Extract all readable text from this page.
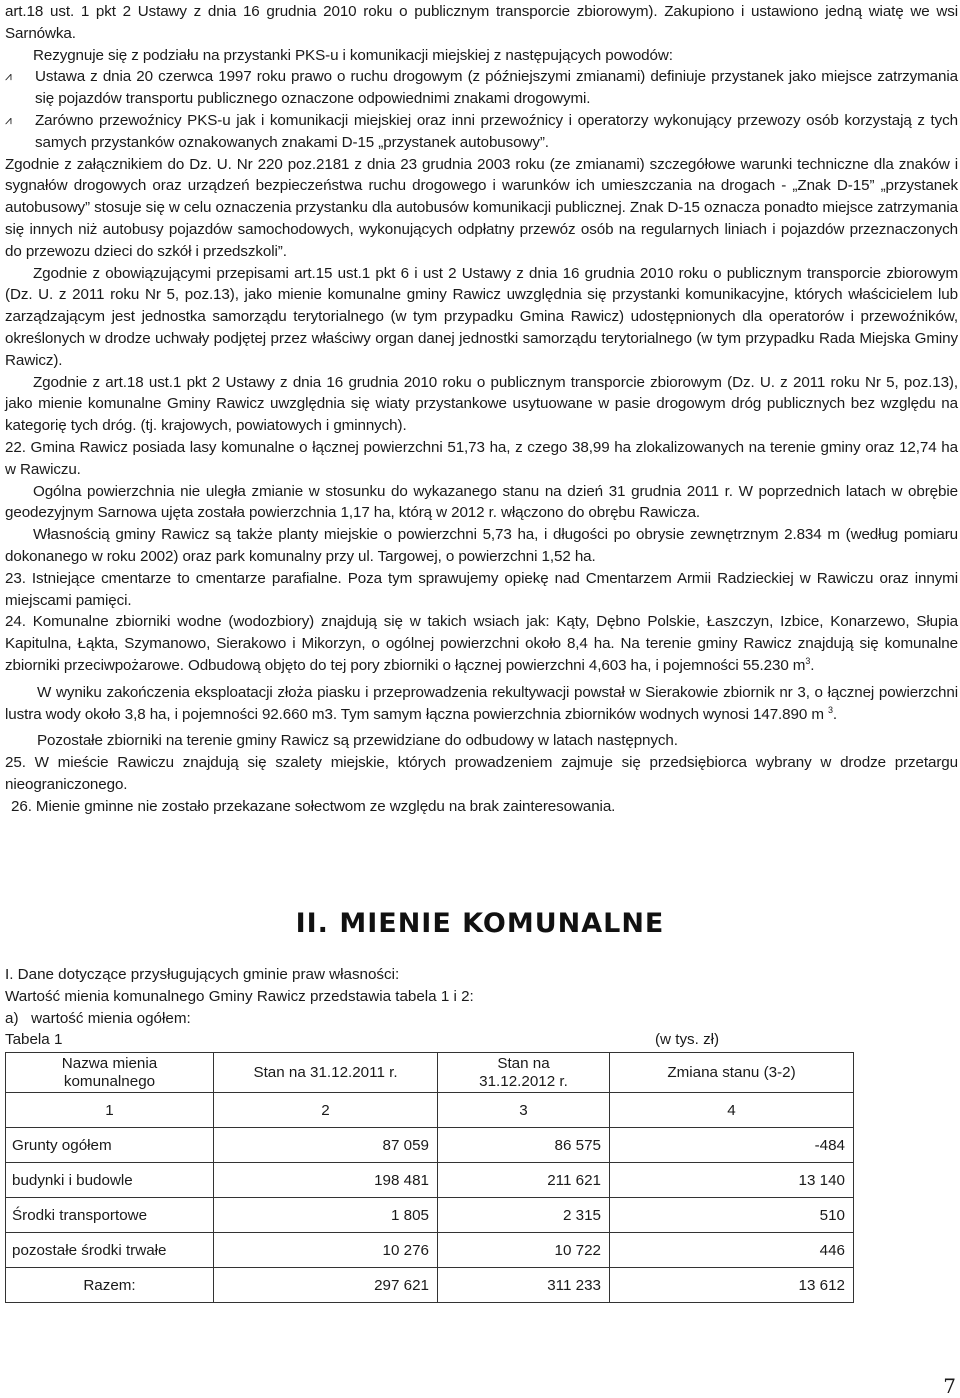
art.18 ust. 1 pkt 2 Ustawy z dnia 16 grudnia 2010 roku o publicznym transporcie zbiorowym). Zakupiono i ustawiono jedną wiatę we wsi Sarnówka.

Rezygnuje się z podziału na przystanki PKS-u i komunikacji miejskiej z następujących powodów:

⩘ Ustawa z dnia 20 czerwca 1997 roku prawo o ruchu drogowym (z późniejszymi zmianami) definiuje przystanek jako miejsce zatrzymania się pojazdów transportu publicznego oznaczone odpowiednimi znakami drogowymi.

⩘ Zarówno przewoźnicy PKS-u jak i komunikacji miejskiej oraz inni przewoźnicy i operatorzy wykonujący przewozy osób korzystają z tych samych przystanków oznakowanych znakami D-15 „przystanek autobusowy”.

Zgodnie z załącznikiem do Dz. U. Nr 220 poz.2181 z dnia 23 grudnia 2003 roku (ze zmianami) szczegółowe warunki techniczne dla znaków i sygnałów drogowych oraz urządzeń bezpieczeństwa ruchu drogowego i warunków ich umieszczania na drogach - „Znak D-15” „przystanek autobusowy” stosuje się w celu oznaczenia przystanku dla autobusów komunikacji publicznej. Znak D-15 oznacza ponadto miejsce zatrzymania się innych niż autobusy pojazdów samochodowych, wykonujących odpłatny przewóz osób na regularnych liniach i pojazdów przeznaczonych do przewozu dzieci do szkół i przedszkoli”.

Zgodnie z obowiązującymi przepisami art.15 ust.1 pkt 6 i ust 2 Ustawy z dnia 16 grudnia 2010 roku o publicznym transporcie zbiorowym (Dz. U. z 2011 roku Nr 5, poz.13), jako mienie komunalne gminy Rawicz uwzględnia się przystanki komunikacyjne, których właścicielem lub zarządzającym jest jednostka samorządu terytorialnego (w tym przypadku Gmina Rawicz) udostępnionych dla operatorów i przewoźników, określonych w drodze uchwały podjętej przez właściwy organ danej jednostki samorządu terytorialnego (w tym przypadku Rada Miejska Gminy Rawicz).

Zgodnie z art.18 ust.1 pkt 2 Ustawy z dnia 16 grudnia 2010 roku o publicznym transporcie zbiorowym (Dz. U. z 2011 roku Nr 5, poz.13), jako mienie komunalne Gminy Rawicz uwzględnia się wiaty przystankowe usytuowane w pasie drogowym dróg publicznych bez względu na kategorię tych dróg. (tj. krajowych, powiatowych i gminnych).

22. Gmina Rawicz posiada lasy komunalne o łącznej powierzchni 51,73 ha, z czego 38,99 ha zlokalizowanych na terenie gminy oraz 12,74 ha w Rawiczu.

Ogólna powierzchnia nie uległa zmianie w stosunku do wykazanego stanu na dzień 31 grudnia 2011 r. W poprzednich latach w obrębie geodezyjnym Sarnowa ujęta została powierzchnia 1,17 ha, którą w 2012 r. włączono do obrębu Rawicza.

Własnością gminy Rawicz są także planty miejskie o powierzchni 5,73 ha, i długości po obrysie zewnętrznym 2.834 m (według pomiaru dokonanego w roku 2002) oraz park komunalny przy ul. Targowej, o powierzchni 1,52 ha.

23. Istniejące cmentarze to cmentarze parafialne. Poza tym sprawujemy opiekę nad Cmentarzem Armii Radzieckiej w Rawiczu oraz innymi miejscami pamięci.

24. Komunalne zbiorniki wodne (wodozbiory) znajdują się w takich wsiach jak: Kąty, Dębno Polskie, Łaszczyn, Izbice, Konarzewo, Słupia Kapitulna, Łąkta, Szymanowo, Sierakowo i Mikorzyn, o ogólnej powierzchni około 8,4 ha. Na terenie gminy Rawicz znajdują się komunalne zbiorniki przeciwpożarowe. Odbudową objęto do tej pory zbiorniki o łącznej powierzchni 4,603 ha, i pojemności 55.230 $m^3$.

W wyniku zakończenia eksploatacji złoża piasku i przeprowadzenia rekultywacji powstał w Sierakowie zbiornik nr 3, o łącznej powierzchni lustra wody około 3,8 ha, i pojemności 92.660 m3. Tym samym łączna powierzchnia zbiorników wodnych wynosi 147.890 m $^3$.

Pozostałe zbiorniki na terenie gminy Rawicz są przewidziane do odbudowy w latach następnych.

25. W mieście Rawiczu znajdują się szalety miejskie, których prowadzeniem zajmuje się przedsiębiorca wybrany w drodze przetargu nieograniczonego.

26. Mienie gminne nie zostało przekazane sołectwom ze względu na brak zainteresowania.

II. MIENIE KOMUNALNE

I. Dane dotyczące przysługujących gminie praw własności:

Wartość mienia komunalnego Gminy Rawicz przedstawia tabela 1 i 2:

a)   wartość mienia ogółem:

Tabela 1	(w tys. zł)

Nazwa mienia komunalnego	Stan na 31.12.2011 r.	Stan na 31.12.2012 r.	Zmiana stanu (3-2)
1	2	3	4
Grunty ogółem	87 059	86 575	-484
budynki i budowle	198 481	211 621	13 140
Środki transportowe	1 805	2 315	510
pozostałe środki trwałe	10 276	10 722	446
Razem:	297 621	311 233	13 612
7
